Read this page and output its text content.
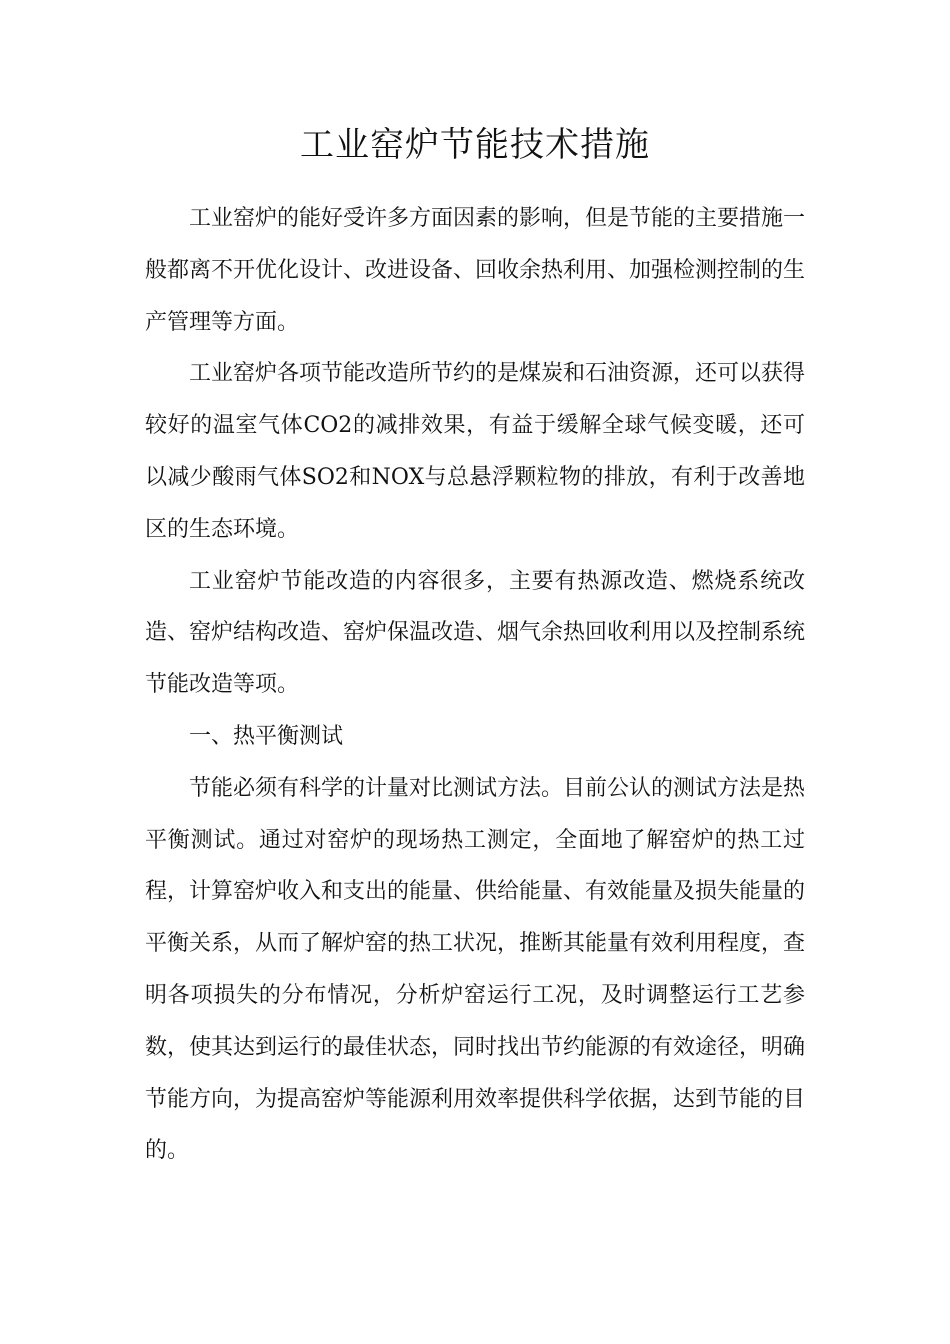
工业窑炉节能技术措施

工业窑炉的能好受许多方面因素的影响，但是节能的主要措施一般都离不开优化设计、改进设备、回收余热利用、加强检测控制的生产管理等方面。

工业窑炉各项节能改造所节约的是煤炭和石油资源，还可以获得较好的温室气体CO2的减排效果，有益于缓解全球气候变暖，还可以减少酸雨气体SO2和NOX与总悬浮颗粒物的排放，有利于改善地区的生态环境。

工业窑炉节能改造的内容很多，主要有热源改造、燃烧系统改造、窑炉结构改造、窑炉保温改造、烟气余热回收利用以及控制系统节能改造等项。

一、热平衡测试

节能必须有科学的计量对比测试方法。目前公认的测试方法是热平衡测试。通过对窑炉的现场热工测定，全面地了解窑炉的热工过程，计算窑炉收入和支出的能量、供给能量、有效能量及损失能量的平衡关系，从而了解炉窑的热工状况，推断其能量有效利用程度，查明各项损失的分布情况，分析炉窑运行工况，及时调整运行工艺参数，使其达到运行的最佳状态，同时找出节约能源的有效途径，明确节能方向，为提高窑炉等能源利用效率提供科学依据，达到节能的目的。
